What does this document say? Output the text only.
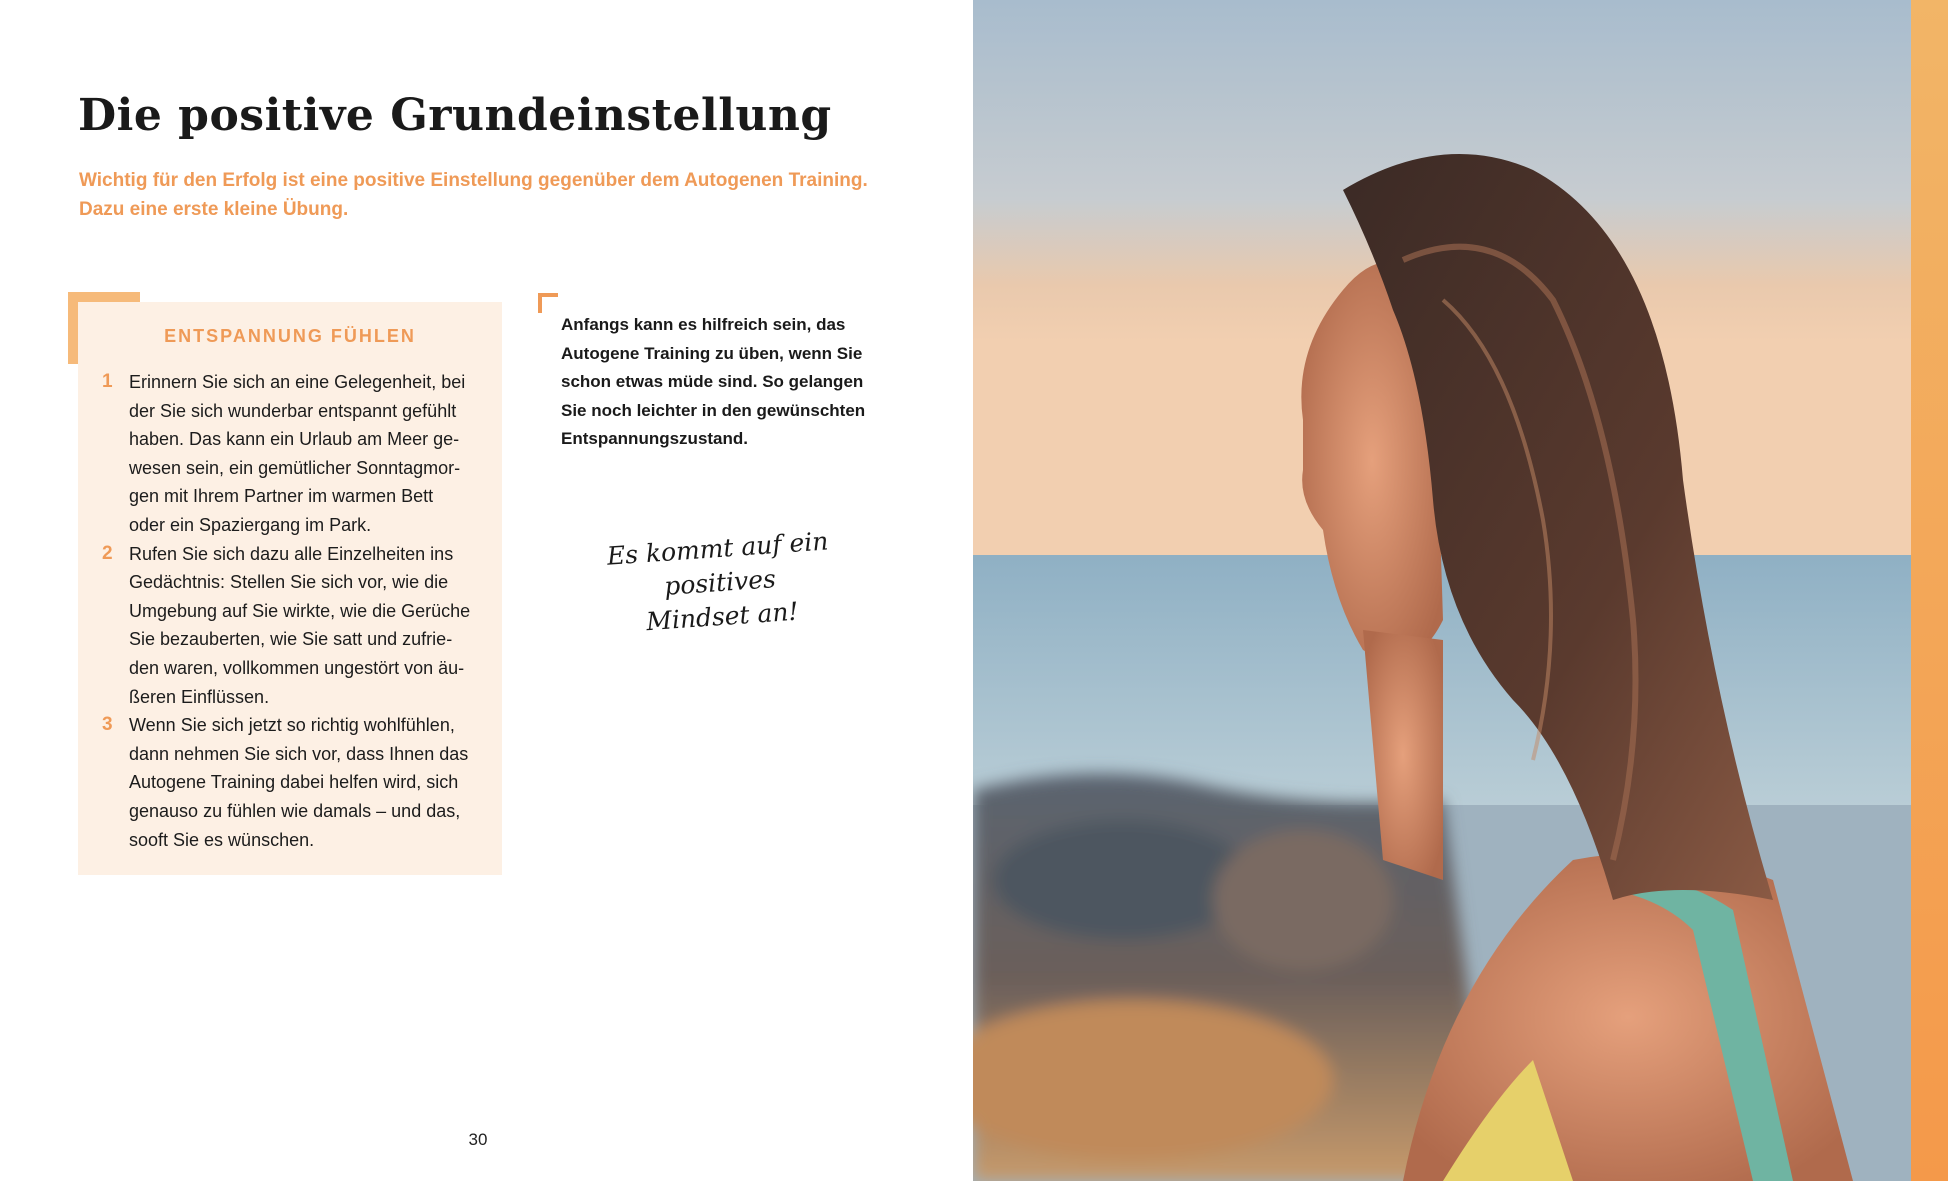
Die positive Grundeinstellung

Wichtig für den Erfolg ist eine positive Einstellung gegenüber dem Autogenen Training. Dazu eine erste kleine Übung.

ENTSPANNUNG FÜHLEN
1 Erinnern Sie sich an eine Gelegenheit, bei
der Sie sich wunderbar entspannt gefühlt
haben. Das kann ein Urlaub am Meer ge-
wesen sein, ein gemütlicher Sonntagmor-
gen mit Ihrem Partner im warmen Bett
oder ein Spaziergang im Park.
2 Rufen Sie sich dazu alle Einzelheiten ins
Gedächtnis: Stellen Sie sich vor, wie die
Umgebung auf Sie wirkte, wie die Gerüche
Sie bezauberten, wie Sie satt und zufrie-
den waren, vollkommen ungestört von äu-
ßeren Einflüssen.
3 Wenn Sie sich jetzt so richtig wohlfühlen,
dann nehmen Sie sich vor, dass Ihnen das
Autogene Training dabei helfen wird, sich
genauso zu fühlen wie damals – und das,
sooft Sie es wünschen.

Anfangs kann es hilfreich sein, das
Autogene Training zu üben, wenn Sie
schon etwas müde sind. So gelangen
Sie noch leichter in den gewünschten
Entspannungszustand.

Es kommt auf ein positives
Mindset an!

30
